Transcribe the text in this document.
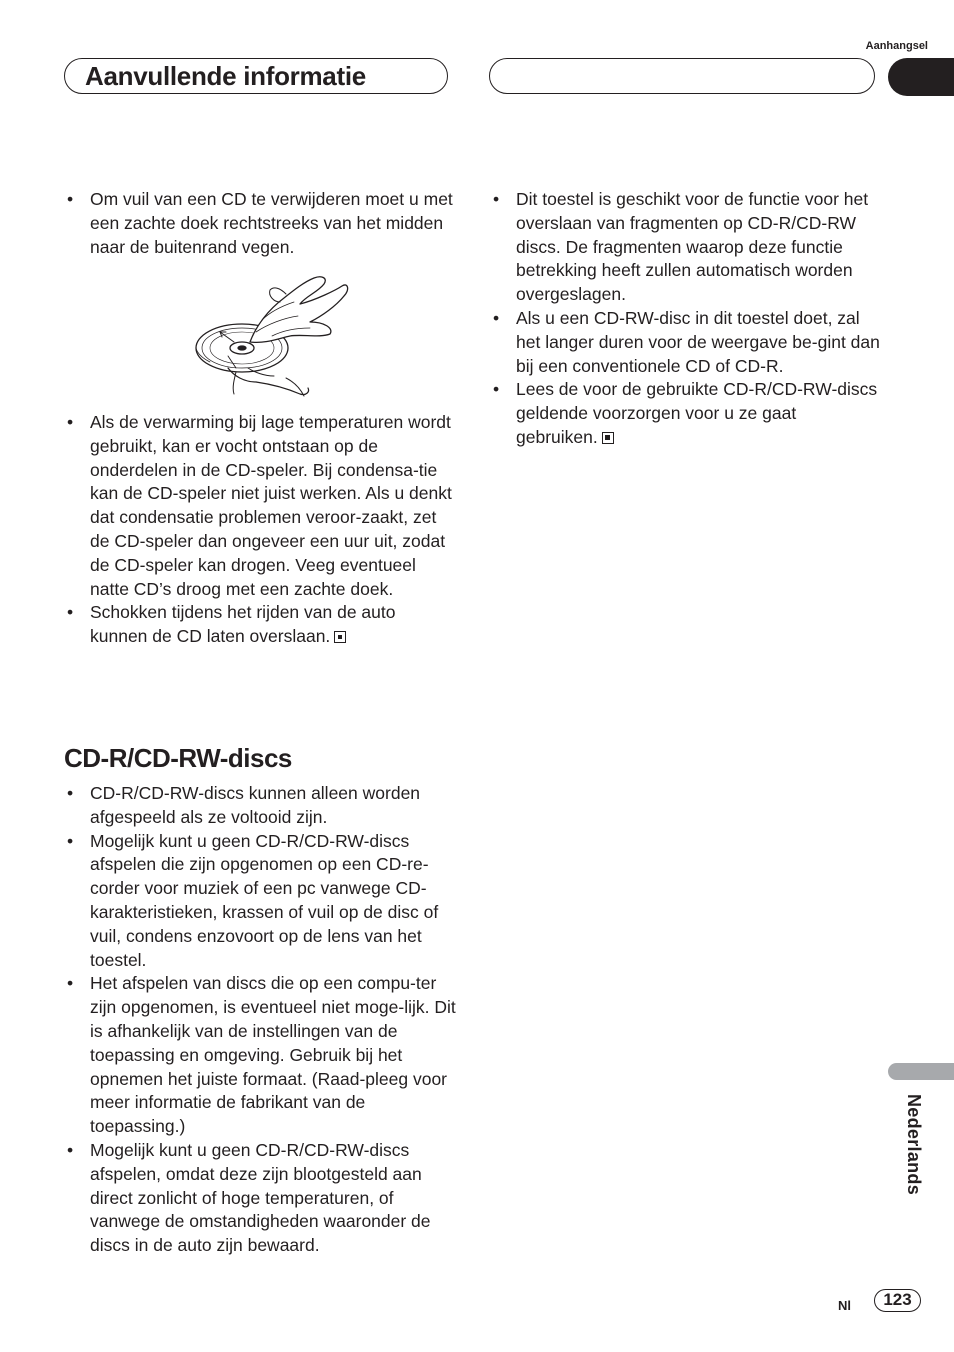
Aanhangsel
Aanvullende informatie
• Om vuil van een CD te verwijderen moet u met een zachte doek rechtstreeks van het midden naar de buitenrand vegen.
• Als de verwarming bij lage temperaturen wordt gebruikt, kan er vocht ontstaan op de onderdelen in de CD-speler. Bij condensa-tie kan de CD-speler niet juist werken. Als u denkt dat condensatie problemen veroor-zaakt, zet de CD-speler dan ongeveer een uur uit, zodat de CD-speler kan drogen. Veeg eventueel natte CD’s droog met een zachte doek.
• Schokken tijdens het rijden van de auto kunnen de CD laten overslaan.
CD-R/CD-RW-discs
• CD-R/CD-RW-discs kunnen alleen worden afgespeeld als ze voltooid zijn.
• Mogelijk kunt u geen CD-R/CD-RW-discs afspelen die zijn opgenomen op een CD-re-corder voor muziek of een pc vanwege CD-karakteristieken, krassen of vuil op de disc of vuil, condens enzovoort op de lens van het toestel.
• Het afspelen van discs die op een compu-ter zijn opgenomen, is eventueel niet moge-lijk. Dit is afhankelijk van de instellingen van de toepassing en omgeving. Gebruik bij het opnemen het juiste formaat. (Raad-pleeg voor meer informatie de fabrikant van de toepassing.)
• Mogelijk kunt u geen CD-R/CD-RW-discs afspelen, omdat deze zijn blootgesteld aan direct zonlicht of hoge temperaturen, of vanwege de omstandigheden waaronder de discs in de auto zijn bewaard.
• Dit toestel is geschikt voor de functie voor het overslaan van fragmenten op CD-R/CD-RW discs. De fragmenten waarop deze functie betrekking heeft zullen automatisch worden overgeslagen.
• Als u een CD-RW-disc in dit toestel doet, zal het langer duren voor de weergave be-gint dan bij een conventionele CD of CD-R.
• Lees de voor de gebruikte CD-R/CD-RW-discs geldende voorzorgen voor u ze gaat gebruiken.
Nederlands
Nl	123
